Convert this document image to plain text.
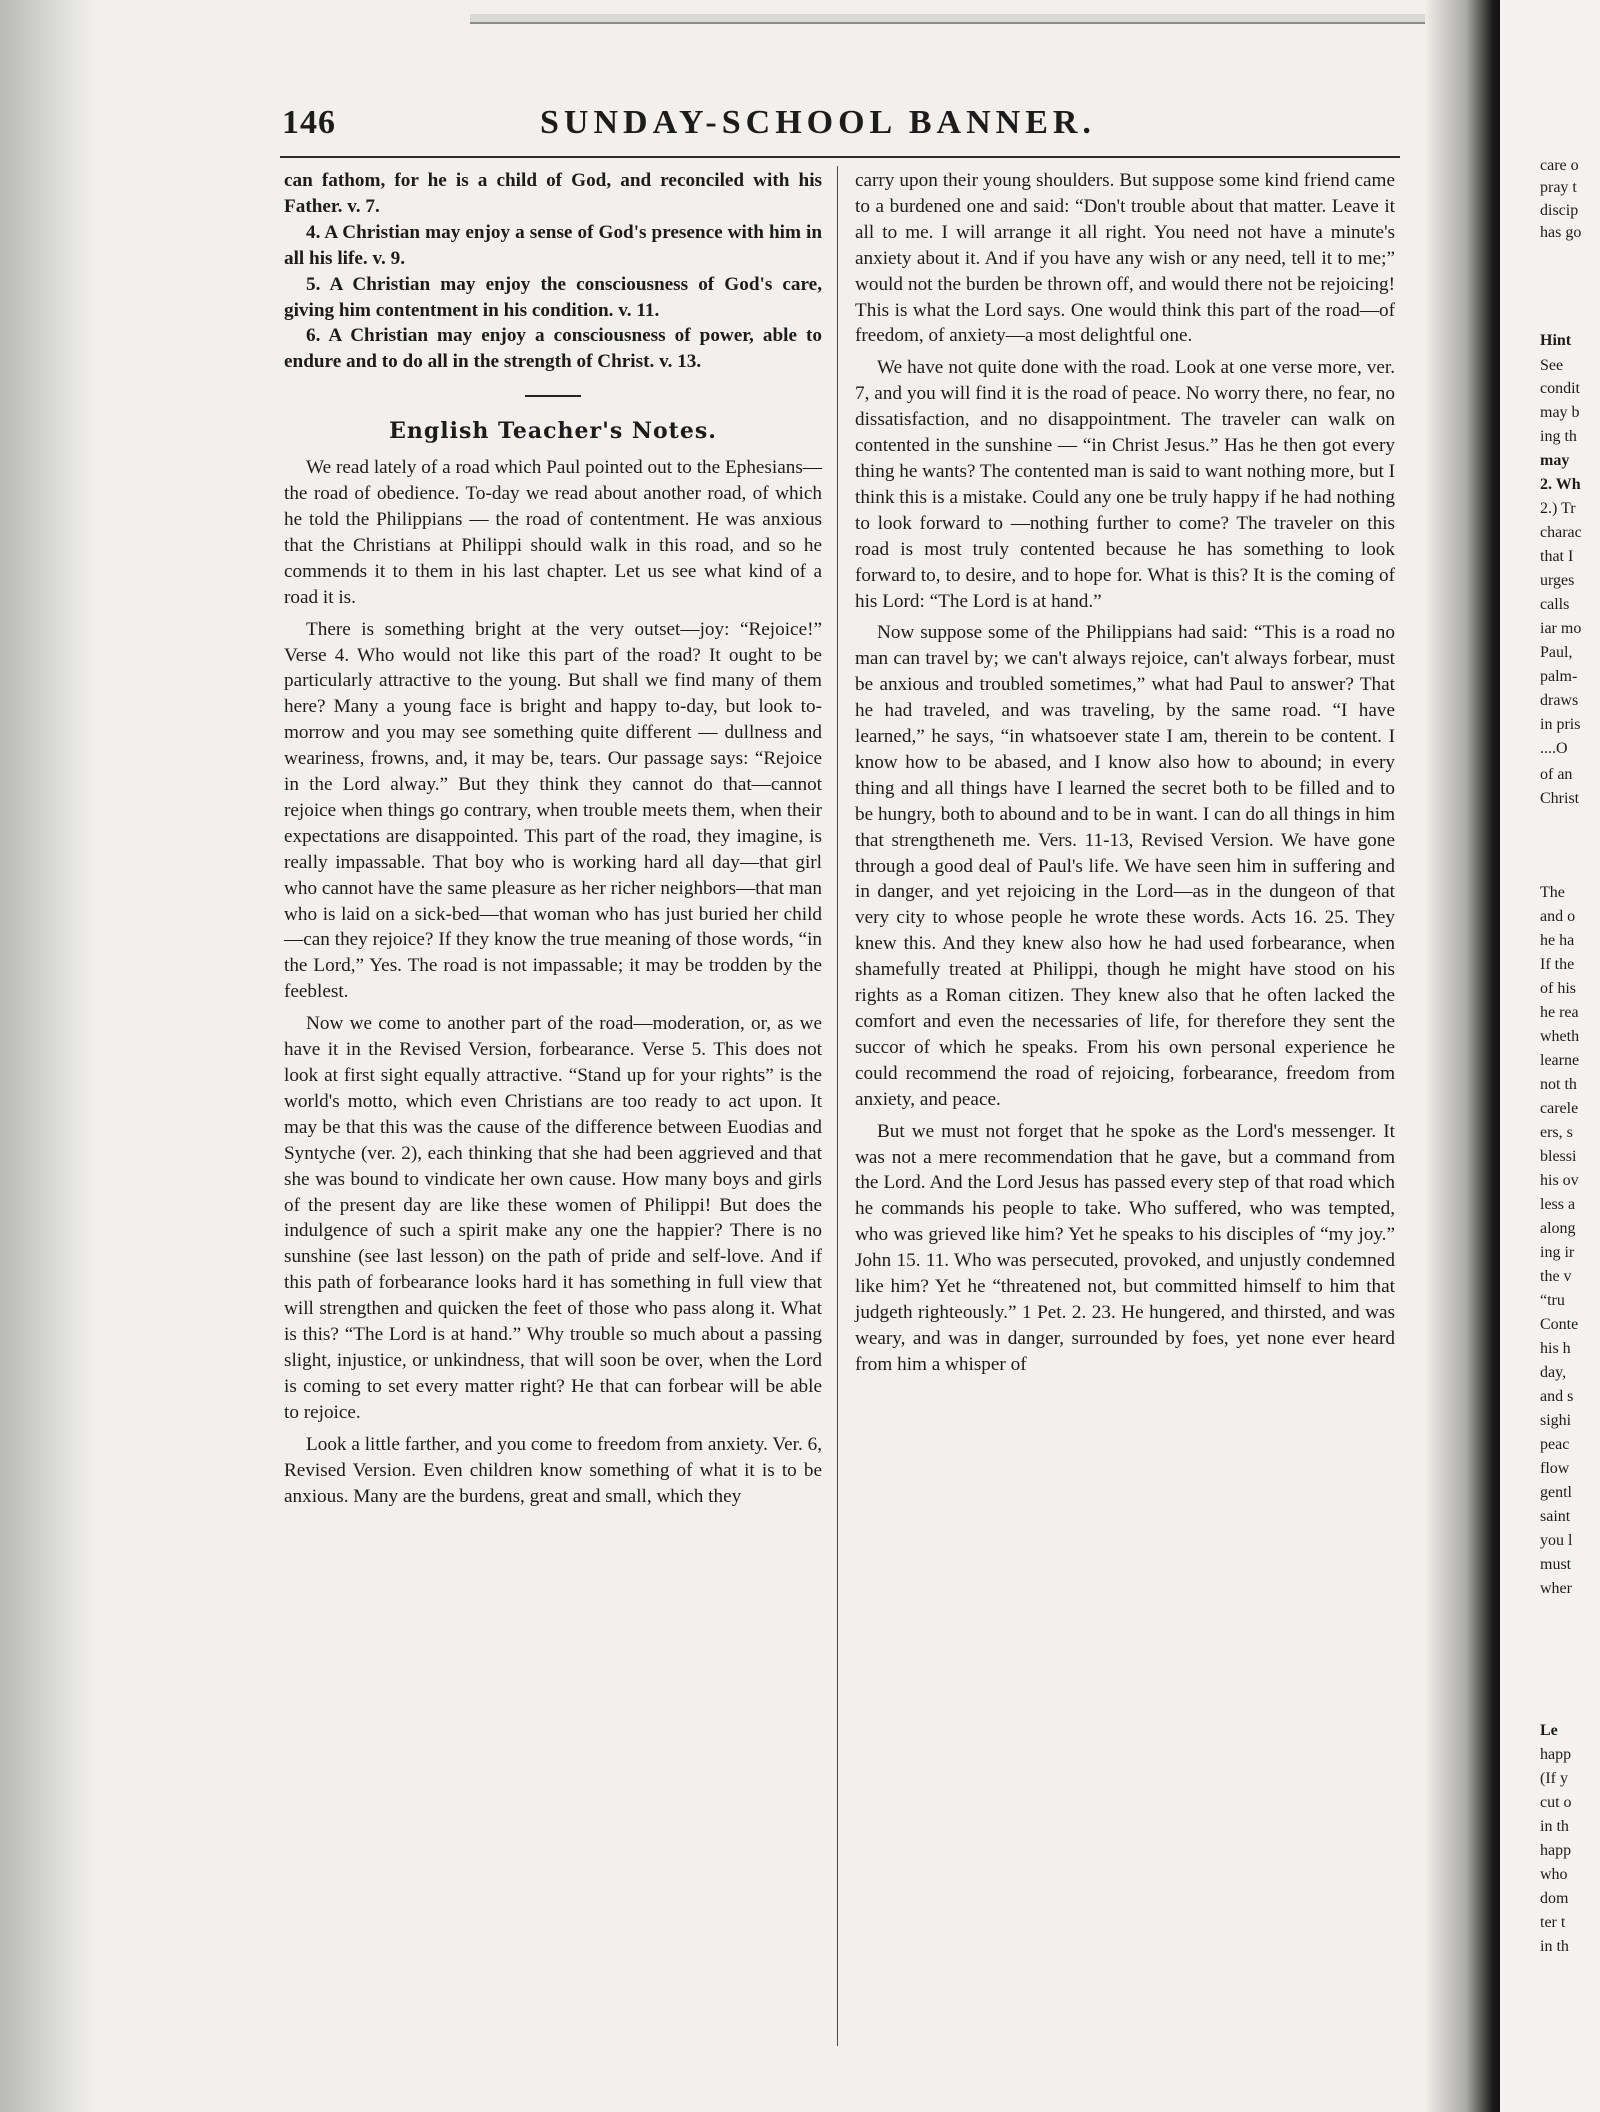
146	SUNDAY-SCHOOL BANNER.

can fathom, for he is a child of God, and reconciled with his Father. v. 7.

4. A Christian may enjoy a sense of God's presence with him in all his life. v. 9.

5. A Christian may enjoy the consciousness of God's care, giving him contentment in his condition. v. 11.

6. A Christian may enjoy a consciousness of power, able to endure and to do all in the strength of Christ. v. 13.

English Teacher's Notes.

We read lately of a road which Paul pointed out to the Ephesians—the road of obedience. To-day we read about another road, of which he told the Philippians — the road of contentment. He was anxious that the Christians at Philippi should walk in this road, and so he commends it to them in his last chapter. Let us see what kind of a road it is.

There is something bright at the very outset—joy: “Rejoice!” Verse 4. Who would not like this part of the road? It ought to be particularly attractive to the young. But shall we find many of them here? Many a young face is bright and happy to-day, but look to-morrow and you may see something quite different — dullness and weariness, frowns, and, it may be, tears. Our passage says: “Rejoice in the Lord alway.” But they think they cannot do that—cannot rejoice when things go contrary, when trouble meets them, when their expectations are disappointed. This part of the road, they imagine, is really impassable. That boy who is working hard all day—that girl who cannot have the same pleasure as her richer neighbors—that man who is laid on a sick-bed—that woman who has just buried her child—can they rejoice? If they know the true meaning of those words, “in the Lord,” Yes. The road is not impassable; it may be trodden by the feeblest.

Now we come to another part of the road—moderation, or, as we have it in the Revised Version, forbearance. Verse 5. This does not look at first sight equally attractive. “Stand up for your rights” is the world's motto, which even Christians are too ready to act upon. It may be that this was the cause of the difference between Euodias and Syntyche (ver. 2), each thinking that she had been aggrieved and that she was bound to vindicate her own cause. How many boys and girls of the present day are like these women of Philippi! But does the indulgence of such a spirit make any one the happier? There is no sunshine (see last lesson) on the path of pride and self-love. And if this path of forbearance looks hard it has something in full view that will strengthen and quicken the feet of those who pass along it. What is this? “The Lord is at hand.” Why trouble so much about a passing slight, injustice, or unkindness, that will soon be over, when the Lord is coming to set every matter right? He that can forbear will be able to rejoice.

Look a little farther, and you come to freedom from anxiety. Ver. 6, Revised Version. Even children know something of what it is to be anxious. Many are the burdens, great and small, which they

carry upon their young shoulders. But suppose some kind friend came to a burdened one and said: “Don't trouble about that matter. Leave it all to me. I will arrange it all right. You need not have a minute's anxiety about it. And if you have any wish or any need, tell it to me;” would not the burden be thrown off, and would there not be rejoicing! This is what the Lord says. One would think this part of the road—of freedom, of anxiety—a most delightful one.

We have not quite done with the road. Look at one verse more, ver. 7, and you will find it is the road of peace. No worry there, no fear, no dissatisfaction, and no disappointment. The traveler can walk on contented in the sunshine — “in Christ Jesus.” Has he then got every thing he wants? The contented man is said to want nothing more, but I think this is a mistake. Could any one be truly happy if he had nothing to look forward to —nothing further to come? The traveler on this road is most truly contented because he has something to look forward to, to desire, and to hope for. What is this? It is the coming of his Lord: “The Lord is at hand.”

Now suppose some of the Philippians had said: “This is a road no man can travel by; we can't always rejoice, can't always forbear, must be anxious and troubled sometimes,” what had Paul to answer? That he had traveled, and was traveling, by the same road. “I have learned,” he says, “in whatsoever state I am, therein to be content. I know how to be abased, and I know also how to abound; in every thing and all things have I learned the secret both to be filled and to be hungry, both to abound and to be in want. I can do all things in him that strengtheneth me. Vers. 11-13, Revised Version. We have gone through a good deal of Paul's life. We have seen him in suffering and in danger, and yet rejoicing in the Lord—as in the dungeon of that very city to whose people he wrote these words. Acts 16. 25. They knew this. And they knew also how he had used forbearance, when shamefully treated at Philippi, though he might have stood on his rights as a Roman citizen. They knew also that he often lacked the comfort and even the necessaries of life, for therefore they sent the succor of which he speaks. From his own personal experience he could recommend the road of rejoicing, forbearance, freedom from anxiety, and peace.

But we must not forget that he spoke as the Lord's messenger. It was not a mere recommendation that he gave, but a command from the Lord. And the Lord Jesus has passed every step of that road which he commands his people to take. Who suffered, who was tempted, who was grieved like him? Yet he speaks to his disciples of “my joy.” John 15. 11. Who was persecuted, provoked, and unjustly condemned like him? Yet he “threatened not, but committed himself to him that judgeth righteously.” 1 Pet. 2. 23. He hungered, and thirsted, and was weary, and was in danger, surrounded by foes, yet none ever heard from him a whisper of

care o
pray t
discip
has go
Hint
See
condit
may b
ing th
may
2. Wh
2.) Tr
charac
that I
urges
calls
iar mo
Paul,
palm-
draws
in pris
....O
of an
Christ
The
and o
he ha
If the
of his
he rea
wheth
learne
not th
carele
ers, s
blessi
his ov
less a
along
ing ir
the v
“tru
Conte
his h
day,
and s
sighi
peac
flow
gentl
saint
you l
must
wher
Le
happ
(If y
cut o
in th
happ
who
dom
ter t
in th
